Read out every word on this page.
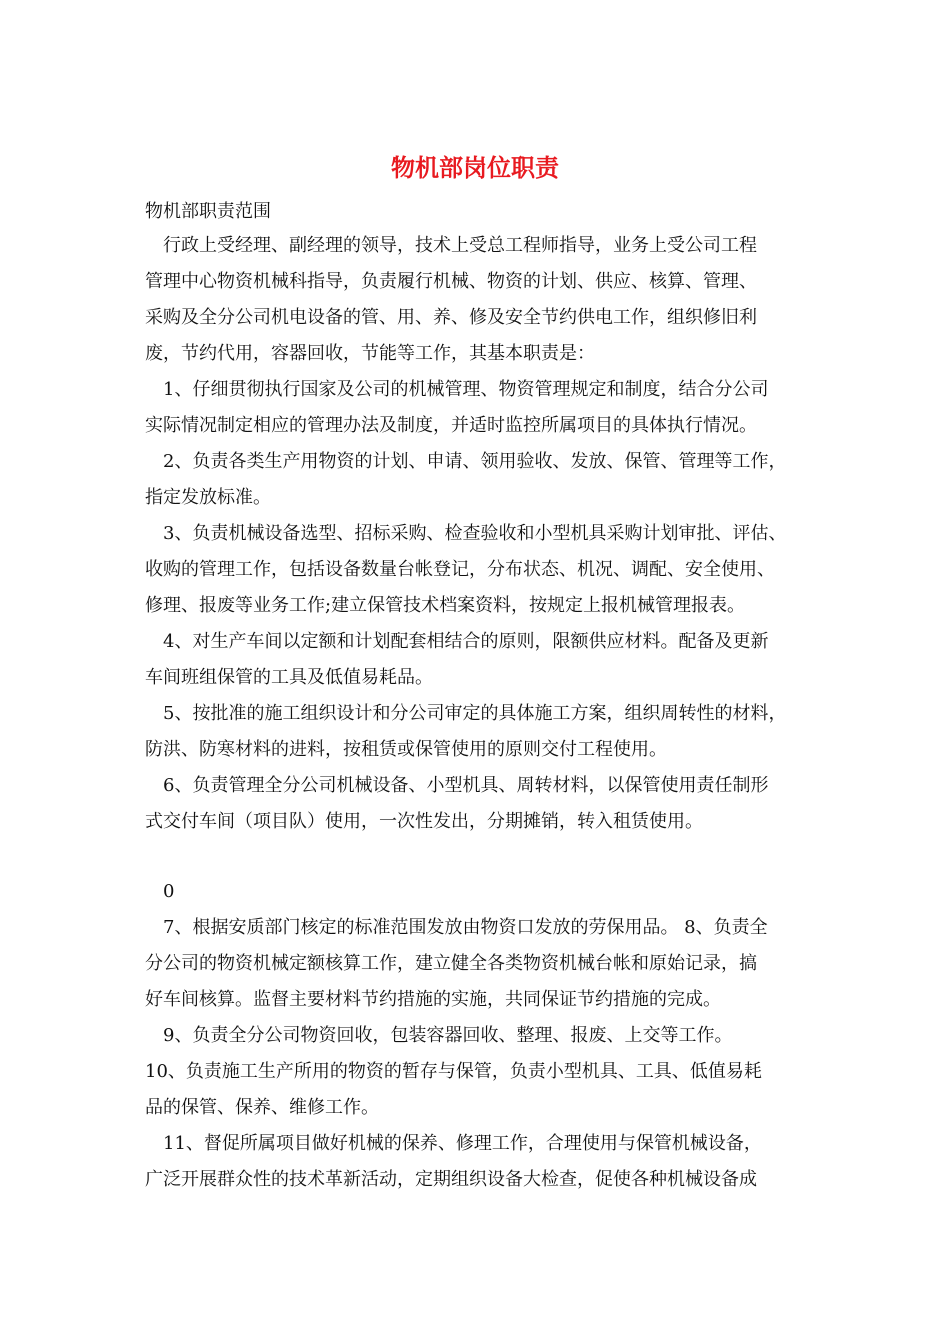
物机部岗位职责
物机部职责范围
行政上受经理、副经理的领导，技术上受总工程师指导，业务上受公司工程
管理中心物资机械科指导，负责履行机械、物资的计划、供应、核算、管理、
采购及全分公司机电设备的管、用、养、修及安全节约供电工作，组织修旧利
废，节约代用，容器回收，节能等工作，其基本职责是：
1、仔细贯彻执行国家及公司的机械管理、物资管理规定和制度，结合分公司
实际情况制定相应的管理办法及制度，并适时监控所属项目的具体执行情况。
2、负责各类生产用物资的计划、申请、领用验收、发放、保管、管理等工作，
指定发放标准。
3、负责机械设备选型、招标采购、检查验收和小型机具采购计划审批、评估、
收购的管理工作，包括设备数量台帐登记，分布状态、机况、调配、安全使用、
修理、报废等业务工作;建立保管技术档案资料，按规定上报机械管理报表。
4、对生产车间以定额和计划配套相结合的原则，限额供应材料。配备及更新
车间班组保管的工具及低值易耗品。
5、按批准的施工组织设计和分公司审定的具体施工方案，组织周转性的材料，
防洪、防寒材料的进料，按租赁或保管使用的原则交付工程使用。
6、负责管理全分公司机械设备、小型机具、周转材料，以保管使用责任制形
式交付车间（项目队）使用，一次性发出，分期摊销，转入租赁使用。
0
7、根据安质部门核定的标准范围发放由物资口发放的劳保用品。 8、负责全
分公司的物资机械定额核算工作，建立健全各类物资机械台帐和原始记录，搞
好车间核算。监督主要材料节约措施的实施，共同保证节约措施的完成。
9、负责全分公司物资回收，包装容器回收、整理、报废、上交等工作。
10、负责施工生产所用的物资的暂存与保管，负责小型机具、工具、低值易耗
品的保管、保养、维修工作。
11、督促所属项目做好机械的保养、修理工作，合理使用与保管机械设备，
广泛开展群众性的技术革新活动，定期组织设备大检查，促使各种机械设备成
